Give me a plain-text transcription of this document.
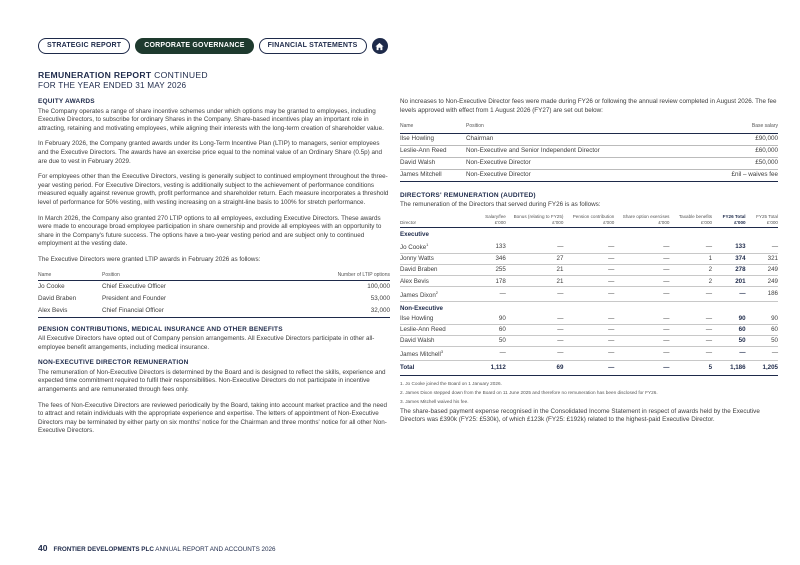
STRATEGIC REPORT	CORPORATE GOVERNANCE	FINANCIAL STATEMENTS
REMUNERATION REPORT CONTINUED
FOR THE YEAR ENDED 31 MAY 2026
EQUITY AWARDS

The Company operates a range of share incentive schemes under which options may be granted to employees, including Executive Directors, to subscribe for ordinary Shares in the Company. Share-based incentives play an important role in attracting, retaining and motivating employees, while aligning their interests with the long-term creation of shareholder value.

In February 2026, the Company granted awards under its Long-Term Incentive Plan (LTIP) to managers, senior employees and the Executive Directors. The awards have an exercise price equal to the nominal value of an Ordinary Share (0.5p) and are due to vest in February 2029.

For employees other than the Executive Directors, vesting is generally subject to continued employment throughout the three-year vesting period. For Executive Directors, vesting is additionally subject to the achievement of performance conditions measured equally against revenue growth, profit performance and shareholder return. Each measure incorporates a threshold level of performance for 50% vesting, with vesting increasing on a straight-line basis to 100% for stretch performance.

In March 2026, the Company also granted 270 LTIP options to all employees, excluding Executive Directors. These awards were made to encourage broad employee participation in share ownership and provide all employees with an opportunity to share in the Company's future success. The options have a two-year vesting period and are subject only to continued employment at the vesting date.

The Executive Directors were granted LTIP awards in February 2026 as follows:

Name	Position	Number of LTIP options
Jo Cooke	Chief Executive Officer	100,000
David Braben	President and Founder	53,000
Alex Bevis	Chief Financial Officer	32,000
PENSION CONTRIBUTIONS, MEDICAL INSURANCE AND OTHER BENEFITS

All Executive Directors have opted out of Company pension arrangements. All Executive Directors participate in other all-employee benefit arrangements, including medical insurance.

NON-EXECUTIVE DIRECTOR REMUNERATION

The remuneration of Non-Executive Directors is determined by the Board and is designed to reflect the skills, experience and expected time commitment required to fulfil their responsibilities. Non-Executive Directors do not participate in incentive arrangements and are remunerated through fees only.

The fees of Non-Executive Directors are reviewed periodically by the Board, taking into account market practice and the need to attract and retain individuals with the appropriate experience and expertise. The letters of appointment of Non-Executive Directors may be terminated by either party on six months' notice for the Chairman and three months' notice for all other Non-Executive Directors.

No increases to Non-Executive Director fees were made during FY26 or following the annual review completed in August 2026. The fee levels approved with effect from 1 August 2026 (FY27) are set out below:

Name	Position	Base salary
Ilse Howling	Chairman	£90,000
Leslie-Ann Reed	Non-Executive and Senior Independent Director	£60,000
David Walsh	Non-Executive Director	£50,000
James Mitchell	Non-Executive Director	£nil – waives fee
DIRECTORS' REMUNERATION (AUDITED)

The remuneration of the Directors that served during FY26 is as follows:

Director	Salary/fee £'000	Bonus (relating to FY25) £'000	Pension contribution £'000	Share option exercises £'000	Taxable benefits £'000	FY26 Total £'000	FY25 Total £'000
Executive							
Jo Cooke$^1$	133	—	—	—	—	133	—
Jonny Watts	346	27	—	—	1	374	321
David Braben	255	21	—	—	2	278	249
Alex Bevis	178	21	—	—	2	201	249
James Dixon$^2$	—	—	—	—	—	—	186
Non-Executive							
Ilse Howling	90	—	—	—	—	90	90
Leslie-Ann Reed	60	—	—	—	—	60	60
David Walsh	50	—	—	—	—	50	50
James Mitchell$^3$	—	—	—	—	—	—	—
Total	1,112	69	—	—	5	1,186	1,205
1. Jo Cooke joined the Board on 1 January 2026.
2. James Dixon stepped down from the Board on 11 June 2025 and therefore no remuneration has been disclosed for FY26.
3. James Mitchell waived his fee.

The share-based payment expense recognised in the Consolidated Income Statement in respect of awards held by the Executive Directors was £390k (FY25: £530k), of which £123k (FY25: £192k) related to the highest-paid Executive Director.

40 FRONTIER DEVELOPMENTS PLC ANNUAL REPORT AND ACCOUNTS 2026
